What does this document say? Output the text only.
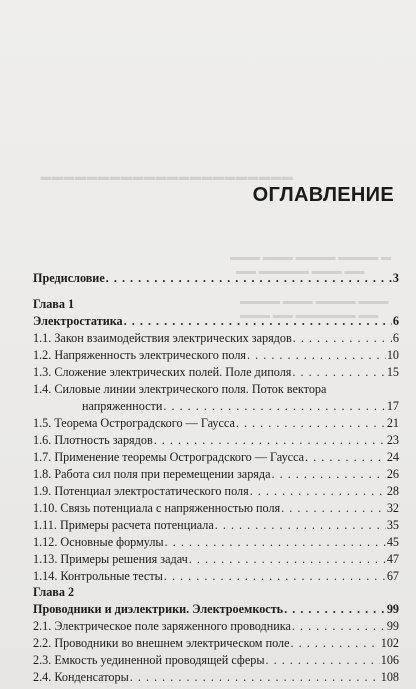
▬▬▬▬▬▬▬▬▬▬▬▬▬▬▬▬▬▬▬▬▬▬
▬ ▬▬▬▬ ▬▬▬▬ ▬▬▬ ▬▬▬
▬▬ ▬▬▬ ▬▬▬▬▬ ▬▬
▬▬▬ ▬▬▬▬ ▬▬▬ ▬▬▬▬
▬▬ ▬▬▬▬▬▬ ▬▬ ▬▬▬
ОГЛАВЛЕНИЕ
Предисловие . . .	3
Глава 1
Электростатика . . .	6
1.1. Закон взаимодействия электрических зарядов . . .	6
1.2. Напряженность электрического поля . . .	10
1.3. Сложение электрических полей. Поле диполя . . .	15
1.4. Силовые линии электрического поля. Поток вектора
напряженности . . .	17
1.5. Теорема Остроградского — Гаусса . . .	21
1.6. Плотность зарядов . . .	23
1.7. Применение теоремы Остроградского — Гаусса . . .	24
1.8. Работа сил поля при перемещении заряда . . .	26
1.9. Потенциал электростатического поля . . .	28
1.10. Связь потенциала с напряженностью поля . . .	32
1.11. Примеры расчета потенциала . . .	35
1.12. Основные формулы . . .	45
1.13. Примеры решения задач . . .	47
1.14. Контрольные тесты . . .	67
Глава 2
Проводники и диэлектрики. Электроемкость . . .	99
2.1. Электрическое поле заряженного проводника . . .	99
2.2. Проводники во внешнем электрическом поле . . .	102
2.3. Емкость уединенной проводящей сферы . . .	106
2.4. Конденсаторы . . .	108
